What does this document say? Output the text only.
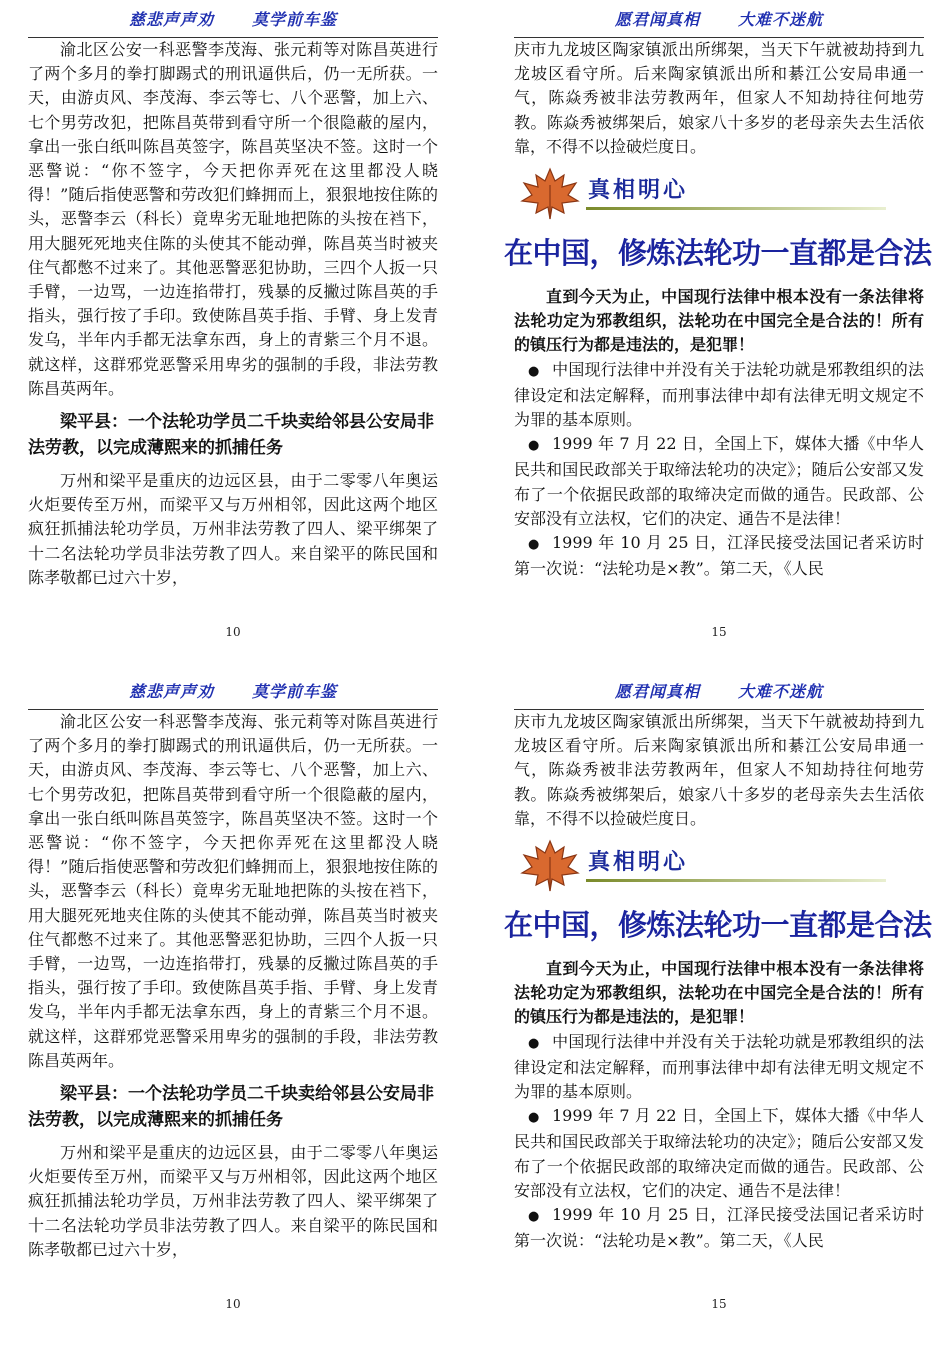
慈悲声声劝 莫学前车鉴

渝北区公安一科恶警李茂海、张元莉等对陈昌英进行了两个多月的拳打脚踢式的刑讯逼供后，仍一无所获。一天，由游贞风、李茂海、李云等七、八个恶警，加上六、七个男劳改犯，把陈昌英带到看守所一个很隐蔽的屋内，拿出一张白纸叫陈昌英签字，陈昌英坚决不签。这时一个恶警说：“你不签字，今天把你弄死在这里都没人晓得！”随后指使恶警和劳改犯们蜂拥而上，狠狠地按住陈的头，恶警李云（科长）竟卑劣无耻地把陈的头按在裆下，用大腿死死地夹住陈的头使其不能动弹，陈昌英当时被夹住气都憋不过来了。其他恶警恶犯协助，三四个人扳一只手臂，一边骂，一边连掐带打，残暴的反撇过陈昌英的手指头，强行按了手印。致使陈昌英手指、手臂、身上发青发乌，半年内手都无法拿东西，身上的青紫三个月不退。就这样，这群邪党恶警采用卑劣的强制的手段，非法劳教陈昌英两年。

梁平县：一个法轮功学员二千块卖给邻县公安局非法劳教，以完成薄熙来的抓捕任务

万州和梁平是重庆的边远区县，由于二零零八年奥运火炬要传至万州，而梁平又与万州相邻，因此这两个地区疯狂抓捕法轮功学员，万州非法劳教了四人、梁平绑架了十二名法轮功学员非法劳教了四人。来自梁平的陈民国和陈孝敬都已过六十岁，

10
愿君闻真相 大难不迷航

庆市九龙坡区陶家镇派出所绑架，当天下午就被劫持到九龙坡区看守所。后来陶家镇派出所和綦江公安局串通一气，陈焱秀被非法劳教两年，但家人不知劫持往何地劳教。陈焱秀被绑架后，娘家八十多岁的老母亲失去生活依靠，不得不以捡破烂度日。

真相明心
在中国，修炼法轮功一直都是合法

直到今天为止，中国现行法律中根本没有一条法律将法轮功定为邪教组织，法轮功在中国完全是合法的！所有的镇压行为都是违法的，是犯罪！

● 中国现行法律中并没有关于法轮功就是邪教组织的法律设定和法定解释，而刑事法律中却有法律无明文规定不为罪的基本原则。

● 1999 年 7 月 22 日，全国上下，媒体大播《中华人民共和国民政部关于取缔法轮功的决定》；随后公安部又发布了一个依据民政部的取缔决定而做的通告。民政部、公安部没有立法权，它们的决定、通告不是法律！

● 1999 年 10 月 25 日，江泽民接受法国记者采访时第一次说：“法轮功是×教”。第二天，《人民

15
慈悲声声劝 莫学前车鉴

渝北区公安一科恶警李茂海、张元莉等对陈昌英进行了两个多月的拳打脚踢式的刑讯逼供后，仍一无所获。一天，由游贞风、李茂海、李云等七、八个恶警，加上六、七个男劳改犯，把陈昌英带到看守所一个很隐蔽的屋内，拿出一张白纸叫陈昌英签字，陈昌英坚决不签。这时一个恶警说：“你不签字，今天把你弄死在这里都没人晓得！”随后指使恶警和劳改犯们蜂拥而上，狠狠地按住陈的头，恶警李云（科长）竟卑劣无耻地把陈的头按在裆下，用大腿死死地夹住陈的头使其不能动弹，陈昌英当时被夹住气都憋不过来了。其他恶警恶犯协助，三四个人扳一只手臂，一边骂，一边连掐带打，残暴的反撇过陈昌英的手指头，强行按了手印。致使陈昌英手指、手臂、身上发青发乌，半年内手都无法拿东西，身上的青紫三个月不退。就这样，这群邪党恶警采用卑劣的强制的手段，非法劳教陈昌英两年。

梁平县：一个法轮功学员二千块卖给邻县公安局非法劳教，以完成薄熙来的抓捕任务

万州和梁平是重庆的边远区县，由于二零零八年奥运火炬要传至万州，而梁平又与万州相邻，因此这两个地区疯狂抓捕法轮功学员，万州非法劳教了四人、梁平绑架了十二名法轮功学员非法劳教了四人。来自梁平的陈民国和陈孝敬都已过六十岁，

10
愿君闻真相 大难不迷航

庆市九龙坡区陶家镇派出所绑架，当天下午就被劫持到九龙坡区看守所。后来陶家镇派出所和綦江公安局串通一气，陈焱秀被非法劳教两年，但家人不知劫持往何地劳教。陈焱秀被绑架后，娘家八十多岁的老母亲失去生活依靠，不得不以捡破烂度日。

真相明心
在中国，修炼法轮功一直都是合法

直到今天为止，中国现行法律中根本没有一条法律将法轮功定为邪教组织，法轮功在中国完全是合法的！所有的镇压行为都是违法的，是犯罪！

● 中国现行法律中并没有关于法轮功就是邪教组织的法律设定和法定解释，而刑事法律中却有法律无明文规定不为罪的基本原则。

● 1999 年 7 月 22 日，全国上下，媒体大播《中华人民共和国民政部关于取缔法轮功的决定》；随后公安部又发布了一个依据民政部的取缔决定而做的通告。民政部、公安部没有立法权，它们的决定、通告不是法律！

● 1999 年 10 月 25 日，江泽民接受法国记者采访时第一次说：“法轮功是×教”。第二天，《人民

15
